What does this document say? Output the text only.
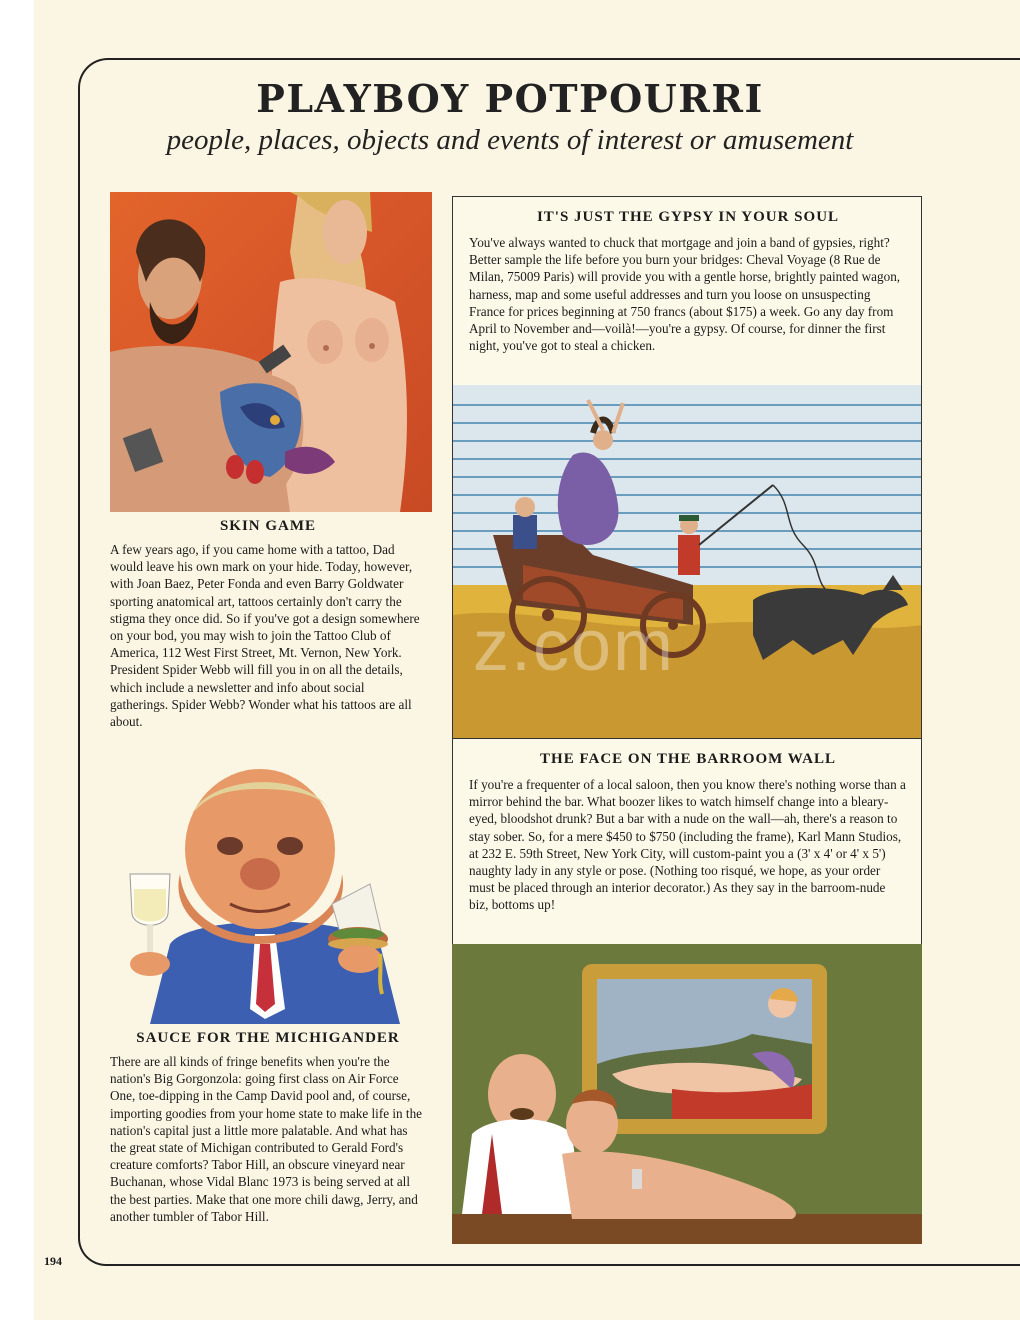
PLAYBOY POTPOURRI

people, places, objects and events of interest or amusement

SKIN GAME

A few years ago, if you came home with a tattoo, Dad would leave his own mark on your hide. Today, however, with Joan Baez, Peter Fonda and even Barry Goldwater sporting anatomical art, tattoos certainly don't carry the stigma they once did. So if you've got a design somewhere on your bod, you may wish to join the Tattoo Club of America, 112 West First Street, Mt. Vernon, New York. President Spider Webb will fill you in on all the details, which include a newsletter and info about social gatherings. Spider Webb? Wonder what his tattoos are all about.

SAUCE FOR THE MICHIGANDER

There are all kinds of fringe benefits when you're the nation's Big Gorgonzola: going first class on Air Force One, toe-dipping in the Camp David pool and, of course, importing goodies from your home state to make life in the nation's capital just a little more palatable. And what has the great state of Michigan contributed to Gerald Ford's creature comforts? Tabor Hill, an obscure vineyard near Buchanan, whose Vidal Blanc 1973 is being served at all the best parties. Make that one more chili dawg, Jerry, and another tumbler of Tabor Hill.

IT'S JUST THE GYPSY IN YOUR SOUL

You've always wanted to chuck that mortgage and join a band of gypsies, right? Better sample the life before you burn your bridges: Cheval Voyage (8 Rue de Milan, 75009 Paris) will provide you with a gentle horse, brightly painted wagon, harness, map and some useful addresses and turn you loose on unsuspecting France for prices beginning at 750 francs (about $175) a week. Go any day from April to November and—voilà!—you're a gypsy. Of course, for dinner the first night, you've got to steal a chicken.

z.com
THE FACE ON THE BARROOM WALL

If you're a frequenter of a local saloon, then you know there's nothing worse than a mirror behind the bar. What boozer likes to watch himself change into a bleary-eyed, bloodshot drunk? But a bar with a nude on the wall—ah, there's a reason to stay sober. So, for a mere $450 to $750 (including the frame), Karl Mann Studios, at 232 E. 59th Street, New York City, will custom-paint you a (3' x 4' or 4' x 5') naughty lady in any style or pose. (Nothing too risqué, we hope, as your order must be placed through an interior decorator.) As they say in the barroom-nude biz, bottoms up!

194
